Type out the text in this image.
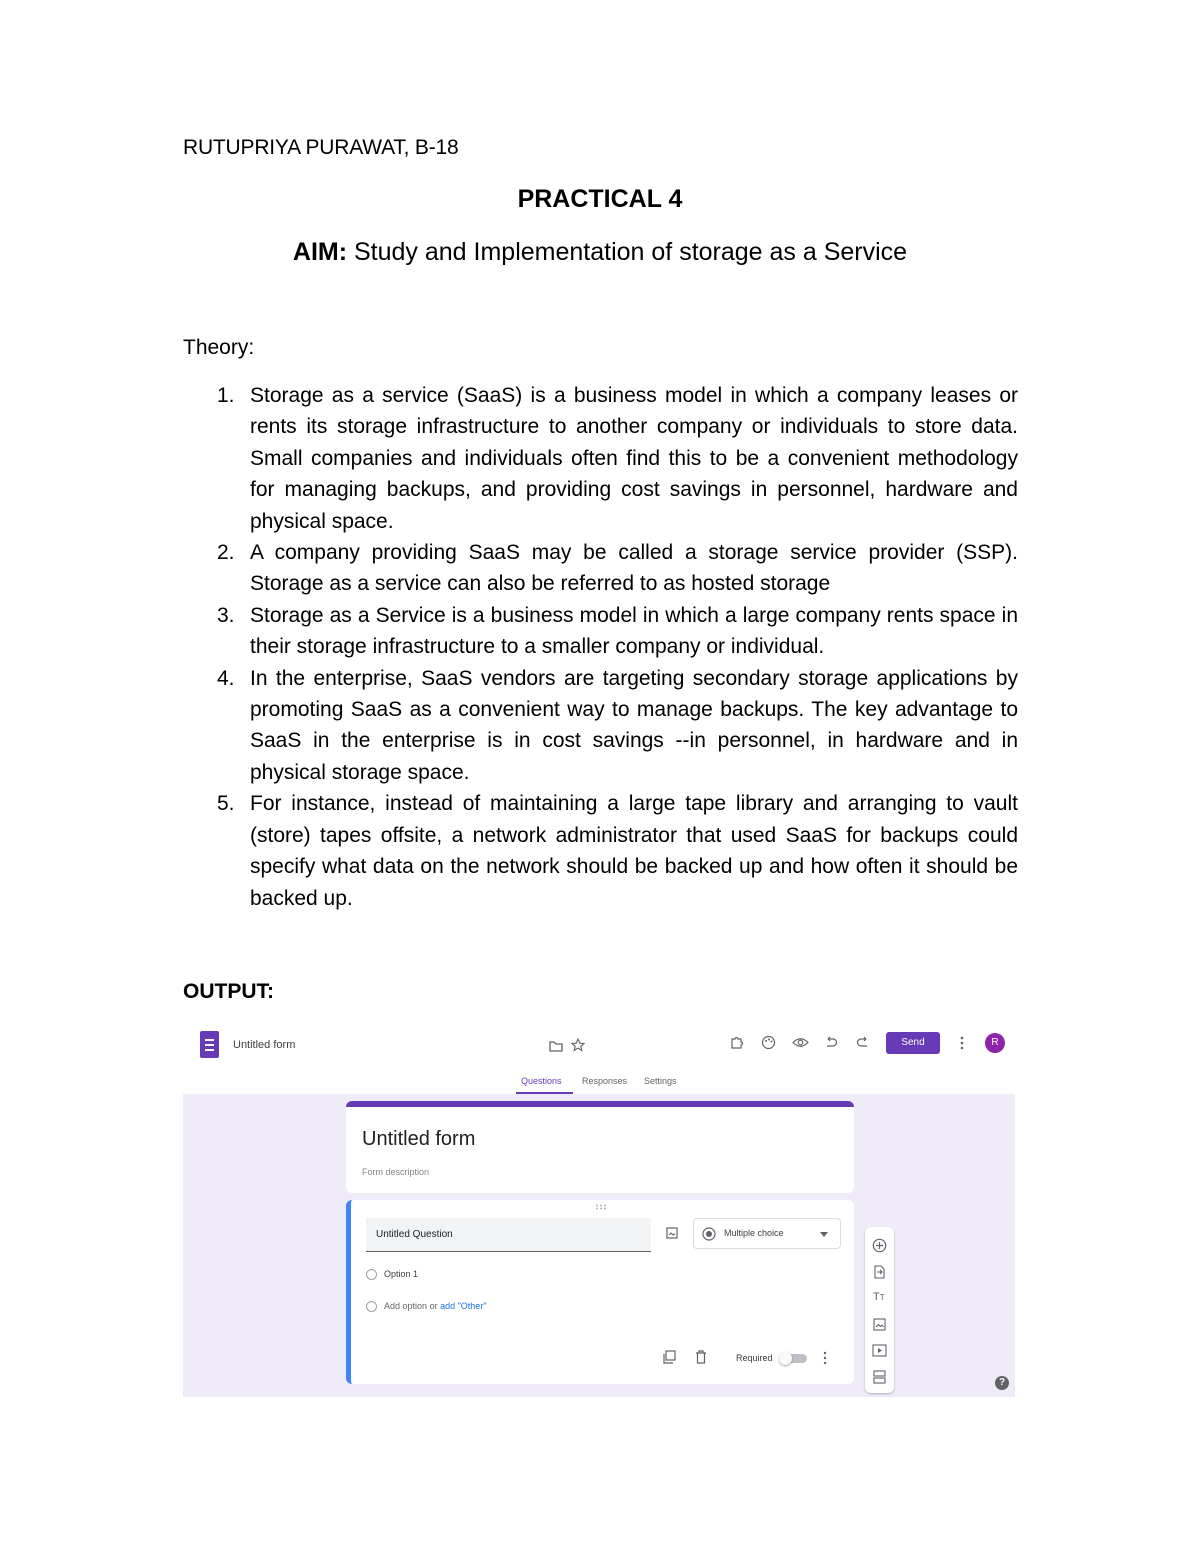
RUTUPRIYA PURAWAT, B-18
PRACTICAL 4
AIM: Study and Implementation of storage as a Service
Theory:
1. Storage as a service (SaaS) is a business model in which a company leases or rents its storage infrastructure to another company or individuals to store data. Small companies and individuals often find this to be a convenient methodology for managing backups, and providing cost savings in personnel, hardware and physical space.
2. A company providing SaaS may be called a storage service provider (SSP). Storage as a service can also be referred to as hosted storage
3. Storage as a Service is a business model in which a large company rents space in their storage infrastructure to a smaller company or individual.
4. In the enterprise, SaaS vendors are targeting secondary storage applications by promoting SaaS as a convenient way to manage backups. The key advantage to SaaS in the enterprise is in cost savings --in personnel, in hardware and in physical storage space.
5. For instance, instead of maintaining a large tape library and arranging to vault (store) tapes offsite, a network administrator that used SaaS for backups could specify what data on the network should be backed up and how often it should be backed up.
OUTPUT:
Untitled form	Send	R
Questions Responses Settings
Untitled form
Form description
Untitled Question	Multiple choice
Option 1
Add option or add "Other"
Required
TT
?
